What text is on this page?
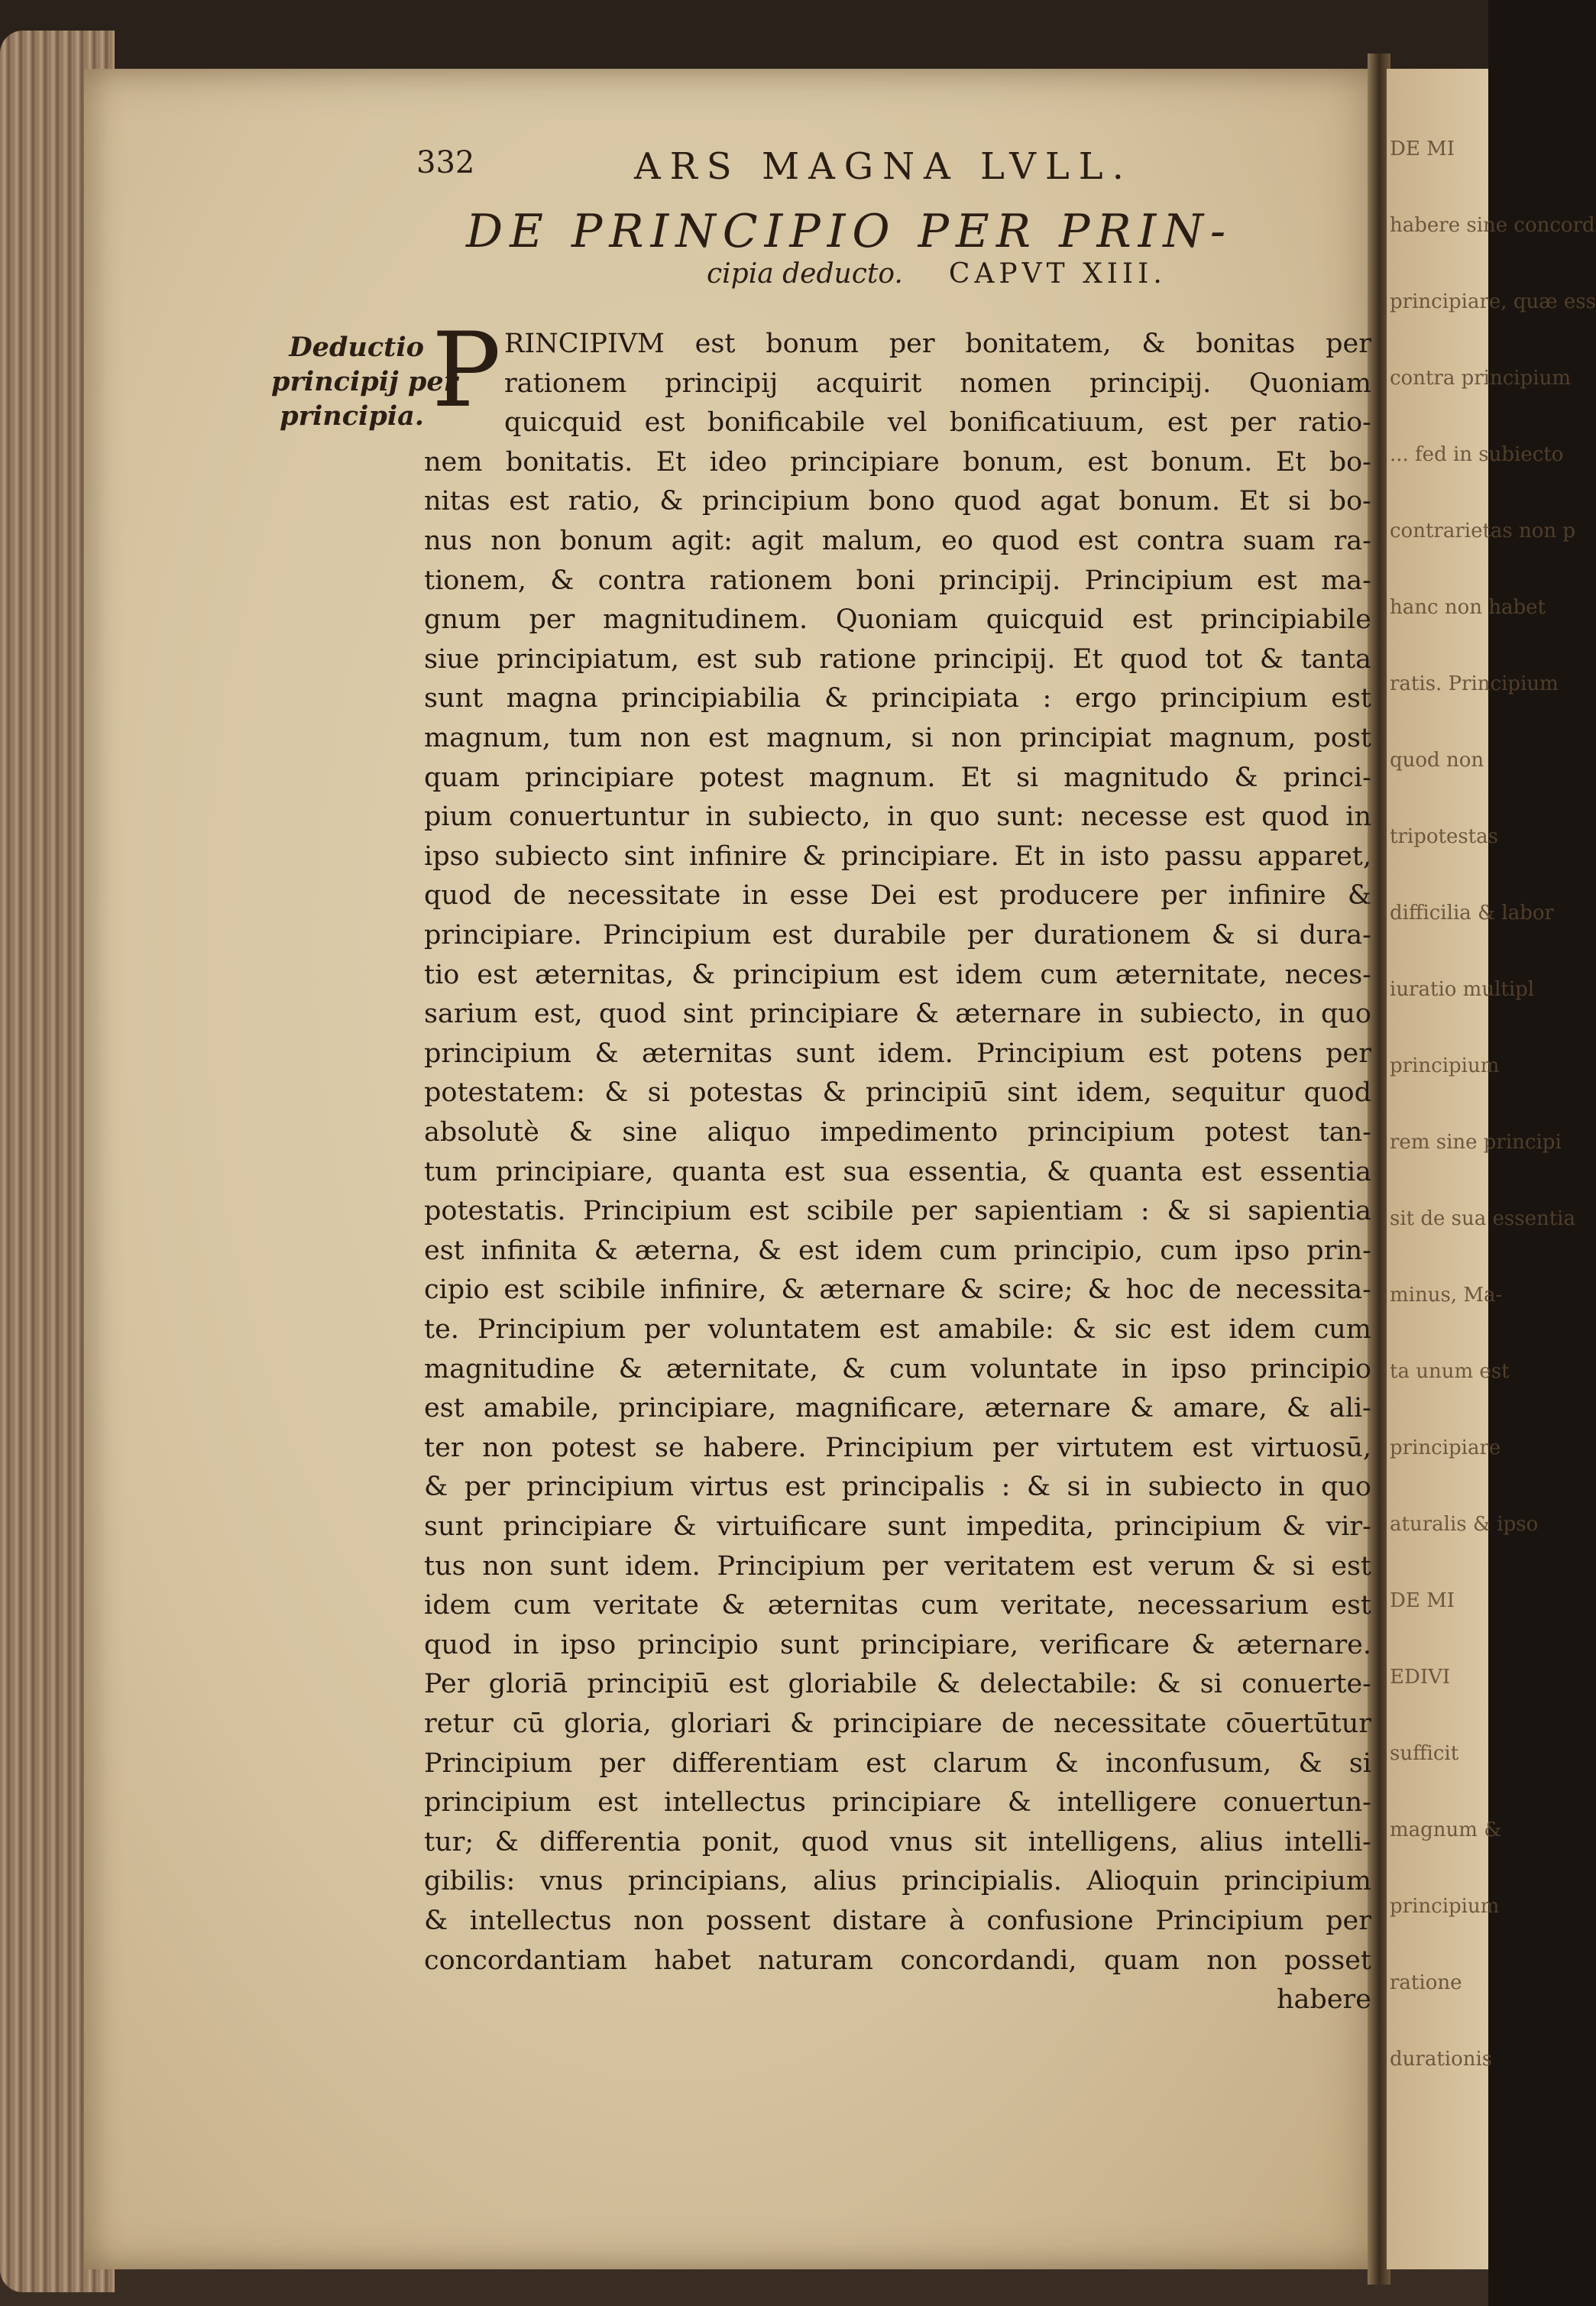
DE MI
habere sine concord
principiare, quæ ess
contra principium
... fed in subiecto
contrarietas non p
hanc non habet
ratis. Principium
quod non
tripotestas
difficilia & labor
iuratio multipl
principium
rem sine principi
sit de sua essentia
minus, Ma-
ta unum est
principiare
aturalis & ipso
DE MI
EDIVI
sufficit
magnum &
principium
ratione
durationis
332	ARS MAGNA LVLL.
DE PRINCIPIO PER PRIN-
cipia deducto. CAPVT XIII.
Deductio
principij per
principia. P RINCIPIVM est bonum per bonitatem, & bonitas per
rationem principij acquirit nomen principij. Quoniam
quicquid est bonificabile vel bonificatiuum, est per ratio-
nem bonitatis. Et ideo principiare bonum, est bonum. Et bo-
nitas est ratio, & principium bono quod agat bonum. Et si bo-
nus non bonum agit: agit malum, eo quod est contra suam ra-
tionem, & contra rationem boni principij. Principium est ma-
gnum per magnitudinem. Quoniam quicquid est principiabile
siue principiatum, est sub ratione principij. Et quod tot & tanta
sunt magna principiabilia & principiata : ergo principium est
magnum, tum non est magnum, si non principiat magnum, post
quam principiare potest magnum. Et si magnitudo & princi-
pium conuertuntur in subiecto, in quo sunt: necesse est quod in
ipso subiecto sint infinire & principiare. Et in isto passu apparet,
quod de necessitate in esse Dei est producere per infinire &
principiare. Principium est durabile per durationem & si dura-
tio est æternitas, & principium est idem cum æternitate, neces-
sarium est, quod sint principiare & æternare in subiecto, in quo
principium & æternitas sunt idem. Principium est potens per
potestatem: & si potestas & principiū sint idem, sequitur quod
absolutè & sine aliquo impedimento principium potest tan-
tum principiare, quanta est sua essentia, & quanta est essentia
potestatis. Principium est scibile per sapientiam : & si sapientia
est infinita & æterna, & est idem cum principio, cum ipso prin-
cipio est scibile infinire, & æternare & scire; & hoc de necessita-
te. Principium per voluntatem est amabile: & sic est idem cum
magnitudine & æternitate, & cum voluntate in ipso principio
est amabile, principiare, magnificare, æternare & amare, & ali-
ter non potest se habere. Principium per virtutem est virtuosū,
& per principium virtus est principalis : & si in subiecto in quo
sunt principiare & virtuificare sunt impedita, principium & vir-
tus non sunt idem. Principium per veritatem est verum & si est
idem cum veritate & æternitas cum veritate, necessarium est
quod in ipso principio sunt principiare, verificare & æternare.
Per gloriā principiū est gloriabile & delectabile: & si conuerte-
retur cū gloria, gloriari & principiare de necessitate cōuertūtur
Principium per differentiam est clarum & inconfusum, & si
principium est intellectus principiare & intelligere conuertun-
tur; & differentia ponit, quod vnus sit intelligens, alius intelli-
gibilis: vnus principians, alius principialis. Alioquin principium
& intellectus non possent distare à confusione Principium per
concordantiam habet naturam concordandi, quam non posset
habere
